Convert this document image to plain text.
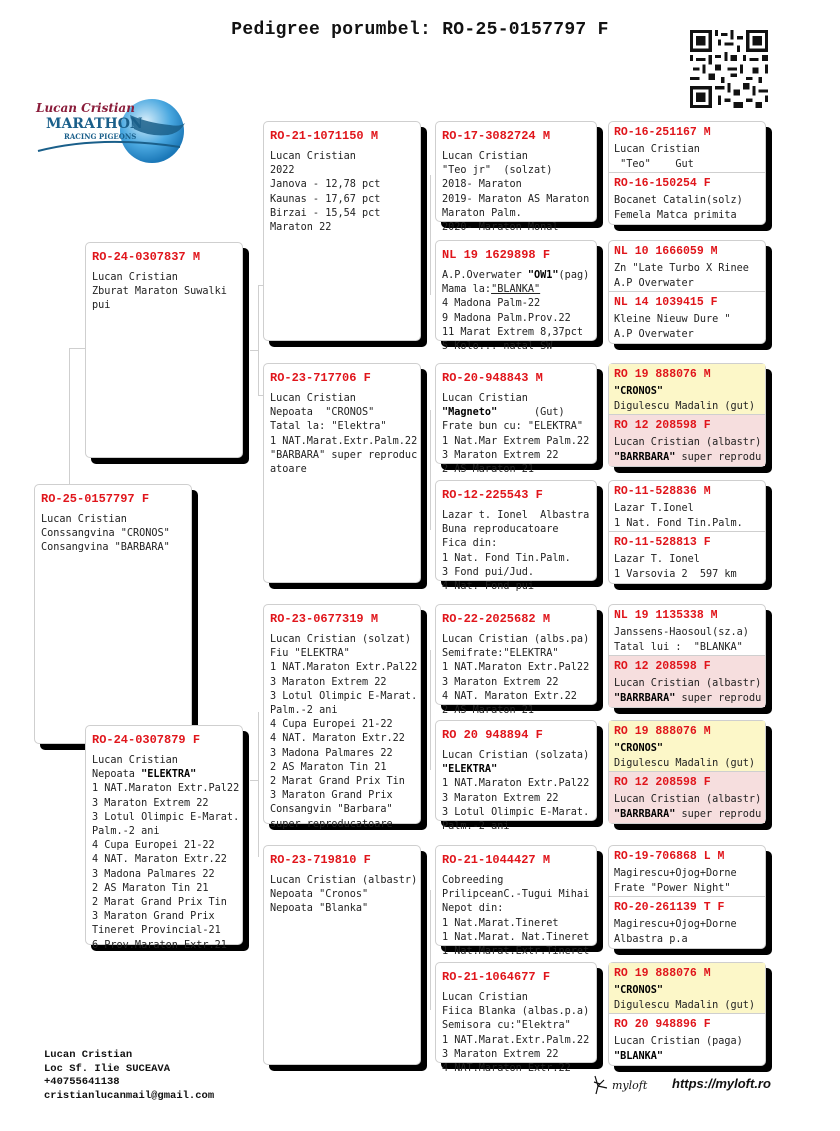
Pedigree porumbel: RO-25-0157797 F
Lucan Cristian
MARATHON
RACING PIGEONS
RO-25-0157797 F
Lucan Cristian
Conssangvina "CRONOS"
Consangvina "BARBARA"
RO-24-0307837 M
Lucan Cristian
Zburat Maraton Suwalki
pui
RO-24-0307879 F
Lucan Cristian
Nepoata "ELEKTRA"
1 NAT.Maraton Extr.Pal22
3 Maraton Extrem 22
3 Lotul Olimpic E-Marat.
Palm.-2 ani
4 Cupa Europei 21-22
4 NAT. Maraton Extr.22
3 Madona Palmares 22
2 AS Maraton Tin 21
2 Marat Grand Prix Tin
3 Maraton Grand Prix
Tineret Provincial-21
6 Prov.Maraton Extr.21
RO-21-1071150 M
Lucan Cristian
2022
Janova - 12,78 pct
Kaunas - 17,67 pct
Birzai - 15,54 pct
Maraton 22
RO-23-717706 F
Lucan Cristian
Nepoata  "CRONOS"
Tatal la: "Elektra"
1 NAT.Marat.Extr.Palm.22
"BARBARA" super reproduc
atoare
RO-23-0677319 M
Lucan Cristian (solzat)
Fiu "ELEKTRA"
1 NAT.Maraton Extr.Pal22
3 Maraton Extrem 22
3 Lotul Olimpic E-Marat.
Palm.-2 ani
4 Cupa Europei 21-22
4 NAT. Maraton Extr.22
3 Madona Palmares 22
2 AS Maraton Tin 21
2 Marat Grand Prix Tin
3 Maraton Grand Prix
Consangvin "Barbara"
super reproducatoare
RO-23-719810 F
Lucan Cristian (albastr)
Nepoata "Cronos"
Nepoata "Blanka"
RO-17-3082724 M
Lucan Cristian
"Teo jr"  (solzat)
2018- Maraton
2019- Maraton AS Maraton
Maraton Palm.
2020- Maraton Monal
NL 19 1629898 F
A.P.Overwater "OW1"(pag)
Mama la:"BLANKA"
4 Madona Palm-22
9 Madona Palm.Prov.22
11 Marat Extrem 8,37pct
5 Kolo... natal SW
RO-20-948843 M
Lucan Cristian
"Magneto"	(Gut)
Frate bun cu: "ELEKTRA"
1 Nat.Mar Extrem Palm.22
3 Maraton Extrem 22
2 AS Maraton 21
RO-12-225543 F
Lazar t. Ionel  Albastra
Buna reproducatoare
Fica din:
1 Nat. Fond Tin.Palm.
3 Fond pui/Jud.
4 Nat. Fond pui
RO-22-2025682 M
Lucan Cristian (albs.pa)
Semifrate:"ELEKTRA"
1 NAT.Maraton Extr.Pal22
3 Maraton Extrem 22
4 NAT. Maraton Extr.22
2 AS Maraton 21
RO 20 948894 F
Lucan Cristian (solzata)
"ELEKTRA"
1 NAT.Maraton Extr.Pal22
3 Maraton Extrem 22
3 Lotul Olimpic E-Marat.
Palm.-2 ani
RO-21-1044427 M
Cobreeding
PrilipceanC.-Tugui Mihai
Nepot din:
1 Nat.Marat.Tineret
1 Nat.Marat. Nat.Tineret
1 Nat.Marat.Extr.Tineret
RO-21-1064677 F
Lucan Cristian
Fiica Blanka (albas.p.a)
Semisora cu:"Elektra"
1 NAT.Marat.Extr.Palm.22
3 Maraton Extrem 22
4 NAT.Maraton Extr.22
RO-16-251167 M
Lucan Cristian
"Teo"    Gut
RO-16-150254 F
Bocanet Catalin(solz)
Femela Matca primita
NL 10 1666059 M
Zn "Late Turbo X Rinee
A.P Overwater
NL 14 1039415 F
Kleine Nieuw Dure "
A.P Overwater
RO 19 888076 M
"CRONOS"
Digulescu Madalin (gut)
RO 12 208598 F
Lucan Cristian (albastr)
"BARRBARA" super reprodu
RO-11-528836 M
Lazar T.Ionel
1 Nat. Fond Tin.Palm.
RO-11-528813 F
Lazar T. Ionel
1 Varsovia 2  597 km
NL 19 1135338 M
Janssens-Haosoul(sz.a)
Tatal lui :  "BLANKA"
RO 12 208598 F
Lucan Cristian (albastr)
"BARRBARA" super reprodu
RO 19 888076 M
"CRONOS"
Digulescu Madalin (gut)
RO 12 208598 F
Lucan Cristian (albastr)
"BARRBARA" super reprodu
RO-19-706868 L M
Magirescu+Ojog+Dorne
Frate "Power Night"
RO-20-261139 T F
Magirescu+Ojog+Dorne
Albastra p.a
RO 19 888076 M
"CRONOS"
Digulescu Madalin (gut)
RO 20 948896 F
Lucan Cristian (paga)
"BLANKA"
Lucan Cristian
Loc Sf. Ilie SUCEAVA
+40755641138
cristianlucanmail@gmail.com
myloft https://myloft.ro
